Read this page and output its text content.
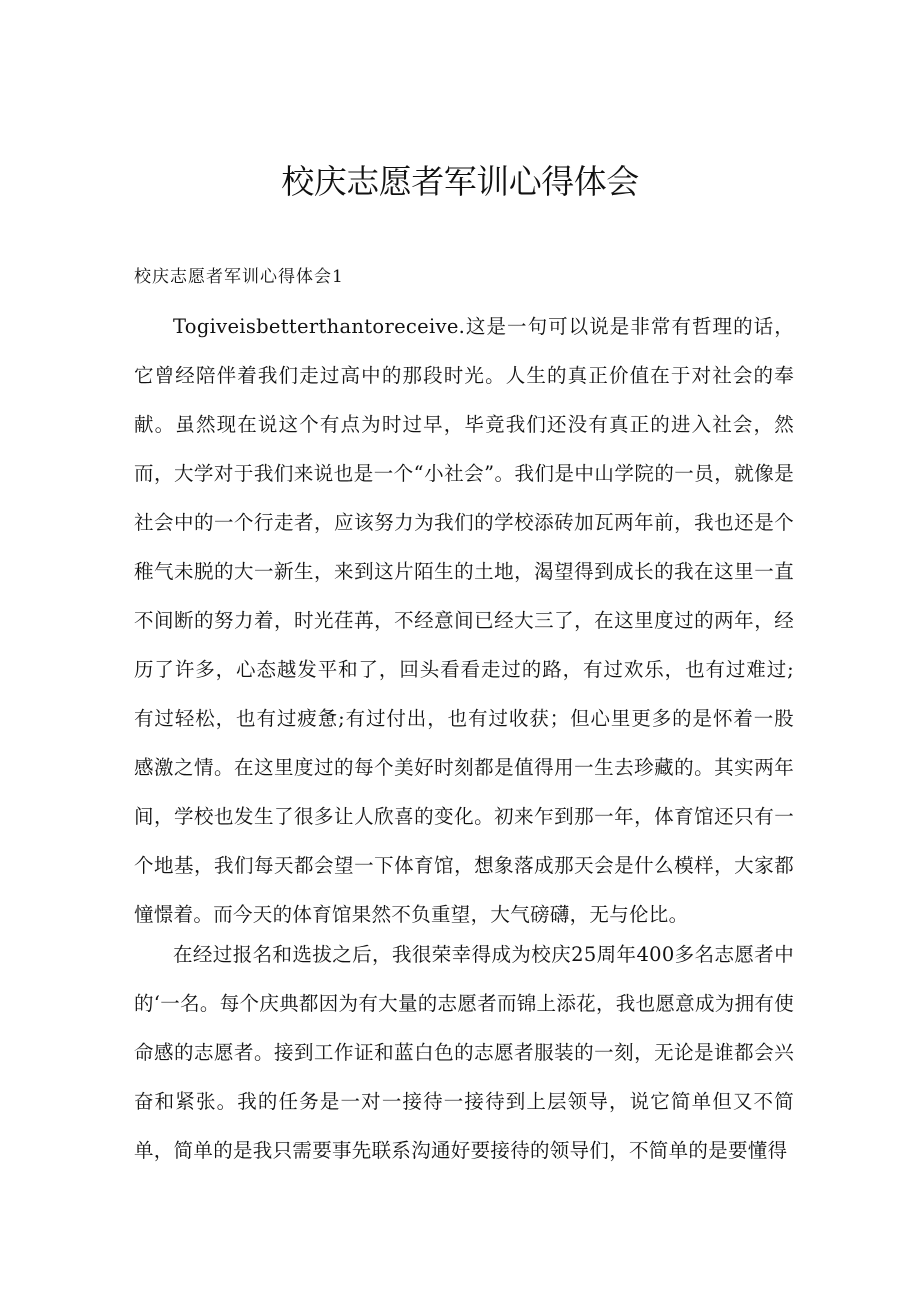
校庆志愿者军训心得体会
校庆志愿者军训心得体会1

Togiveisbetterthantoreceive.这是一句可以说是非常有哲理的话，它曾经陪伴着我们走过高中的那段时光。人生的真正价值在于对社会的奉献。虽然现在说这个有点为时过早，毕竟我们还没有真正的进入社会，然而，大学对于我们来说也是一个“小社会”。我们是中山学院的一员，就像是社会中的一个行走者，应该努力为我们的学校添砖加瓦两年前，我也还是个稚气未脱的大一新生，来到这片陌生的土地，渴望得到成长的我在这里一直不间断的努力着，时光荏苒，不经意间已经大三了，在这里度过的两年，经历了许多，心态越发平和了，回头看看走过的路，有过欢乐，也有过难过;有过轻松，也有过疲惫;有过付出，也有过收获；但心里更多的是怀着一股感激之情。在这里度过的每个美好时刻都是值得用一生去珍藏的。其实两年间，学校也发生了很多让人欣喜的变化。初来乍到那一年，体育馆还只有一个地基，我们每天都会望一下体育馆，想象落成那天会是什么模样，大家都憧憬着。而今天的体育馆果然不负重望，大气磅礴，无与伦比。

在经过报名和选拔之后，我很荣幸得成为校庆25周年400多名志愿者中的‘一名。每个庆典都因为有大量的志愿者而锦上添花，我也愿意成为拥有使命感的志愿者。接到工作证和蓝白色的志愿者服装的一刻，无论是谁都会兴奋和紧张。我的任务是一对一接待一接待到上层领导，说它简单但又不简单，简单的是我只需要事先联系沟通好要接待的领导们，不简单的是要懂得
